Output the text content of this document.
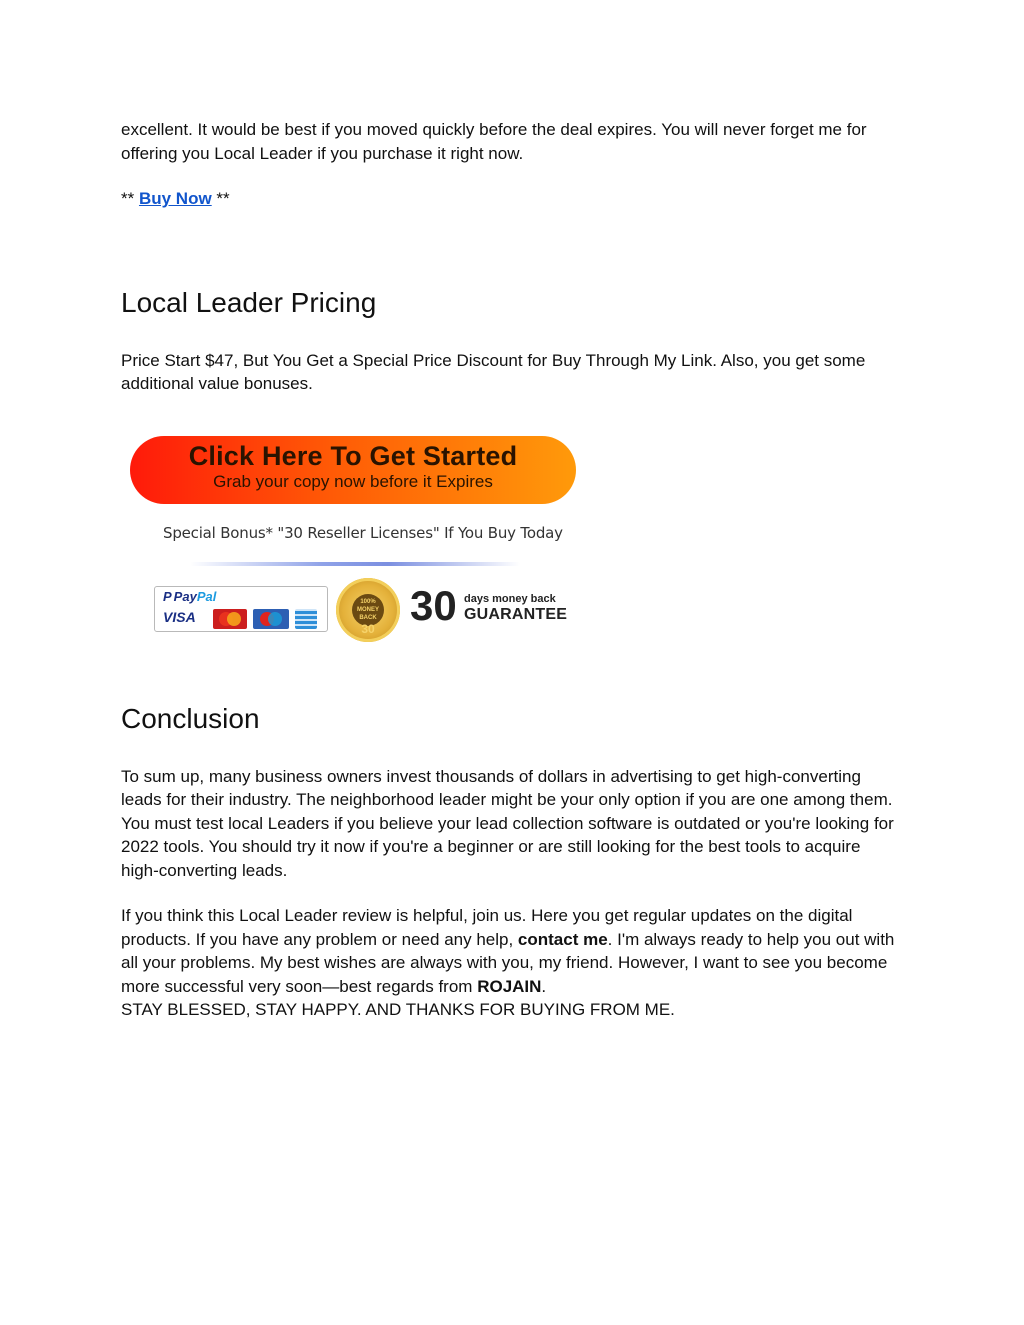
excellent. It would be best if you moved quickly before the deal expires. You will never forget me for offering you Local Leader if you purchase it right now.

** Buy Now **

Local Leader Pricing

Price Start $47, But You Get a Special Price Discount for Buy Through My Link. Also, you get some additional value bonuses.

Click Here To Get Started
Grab your copy now before it Expires
Special Bonus* "30 Reseller Licenses" If You Buy Today
P PayPal
VISA
100% MONEY BACK
30 30 days money back
GUARANTEE
Conclusion

To sum up, many business owners invest thousands of dollars in advertising to get high-converting leads for their industry. The neighborhood leader might be your only option if you are one among them. You must test local Leaders if you believe your lead collection software is outdated or you're looking for 2022 tools. You should try it now if you're a beginner or are still looking for the best tools to acquire high-converting leads.

If you think this Local Leader review is helpful, join us. Here you get regular updates on the digital products. If you have any problem or need any help, contact me. I'm always ready to help you out with all your problems. My best wishes are always with you, my friend. However, I want to see you become more successful very soon—best regards from ROJAIN.

STAY BLESSED, STAY HAPPY. AND THANKS FOR BUYING FROM ME.
